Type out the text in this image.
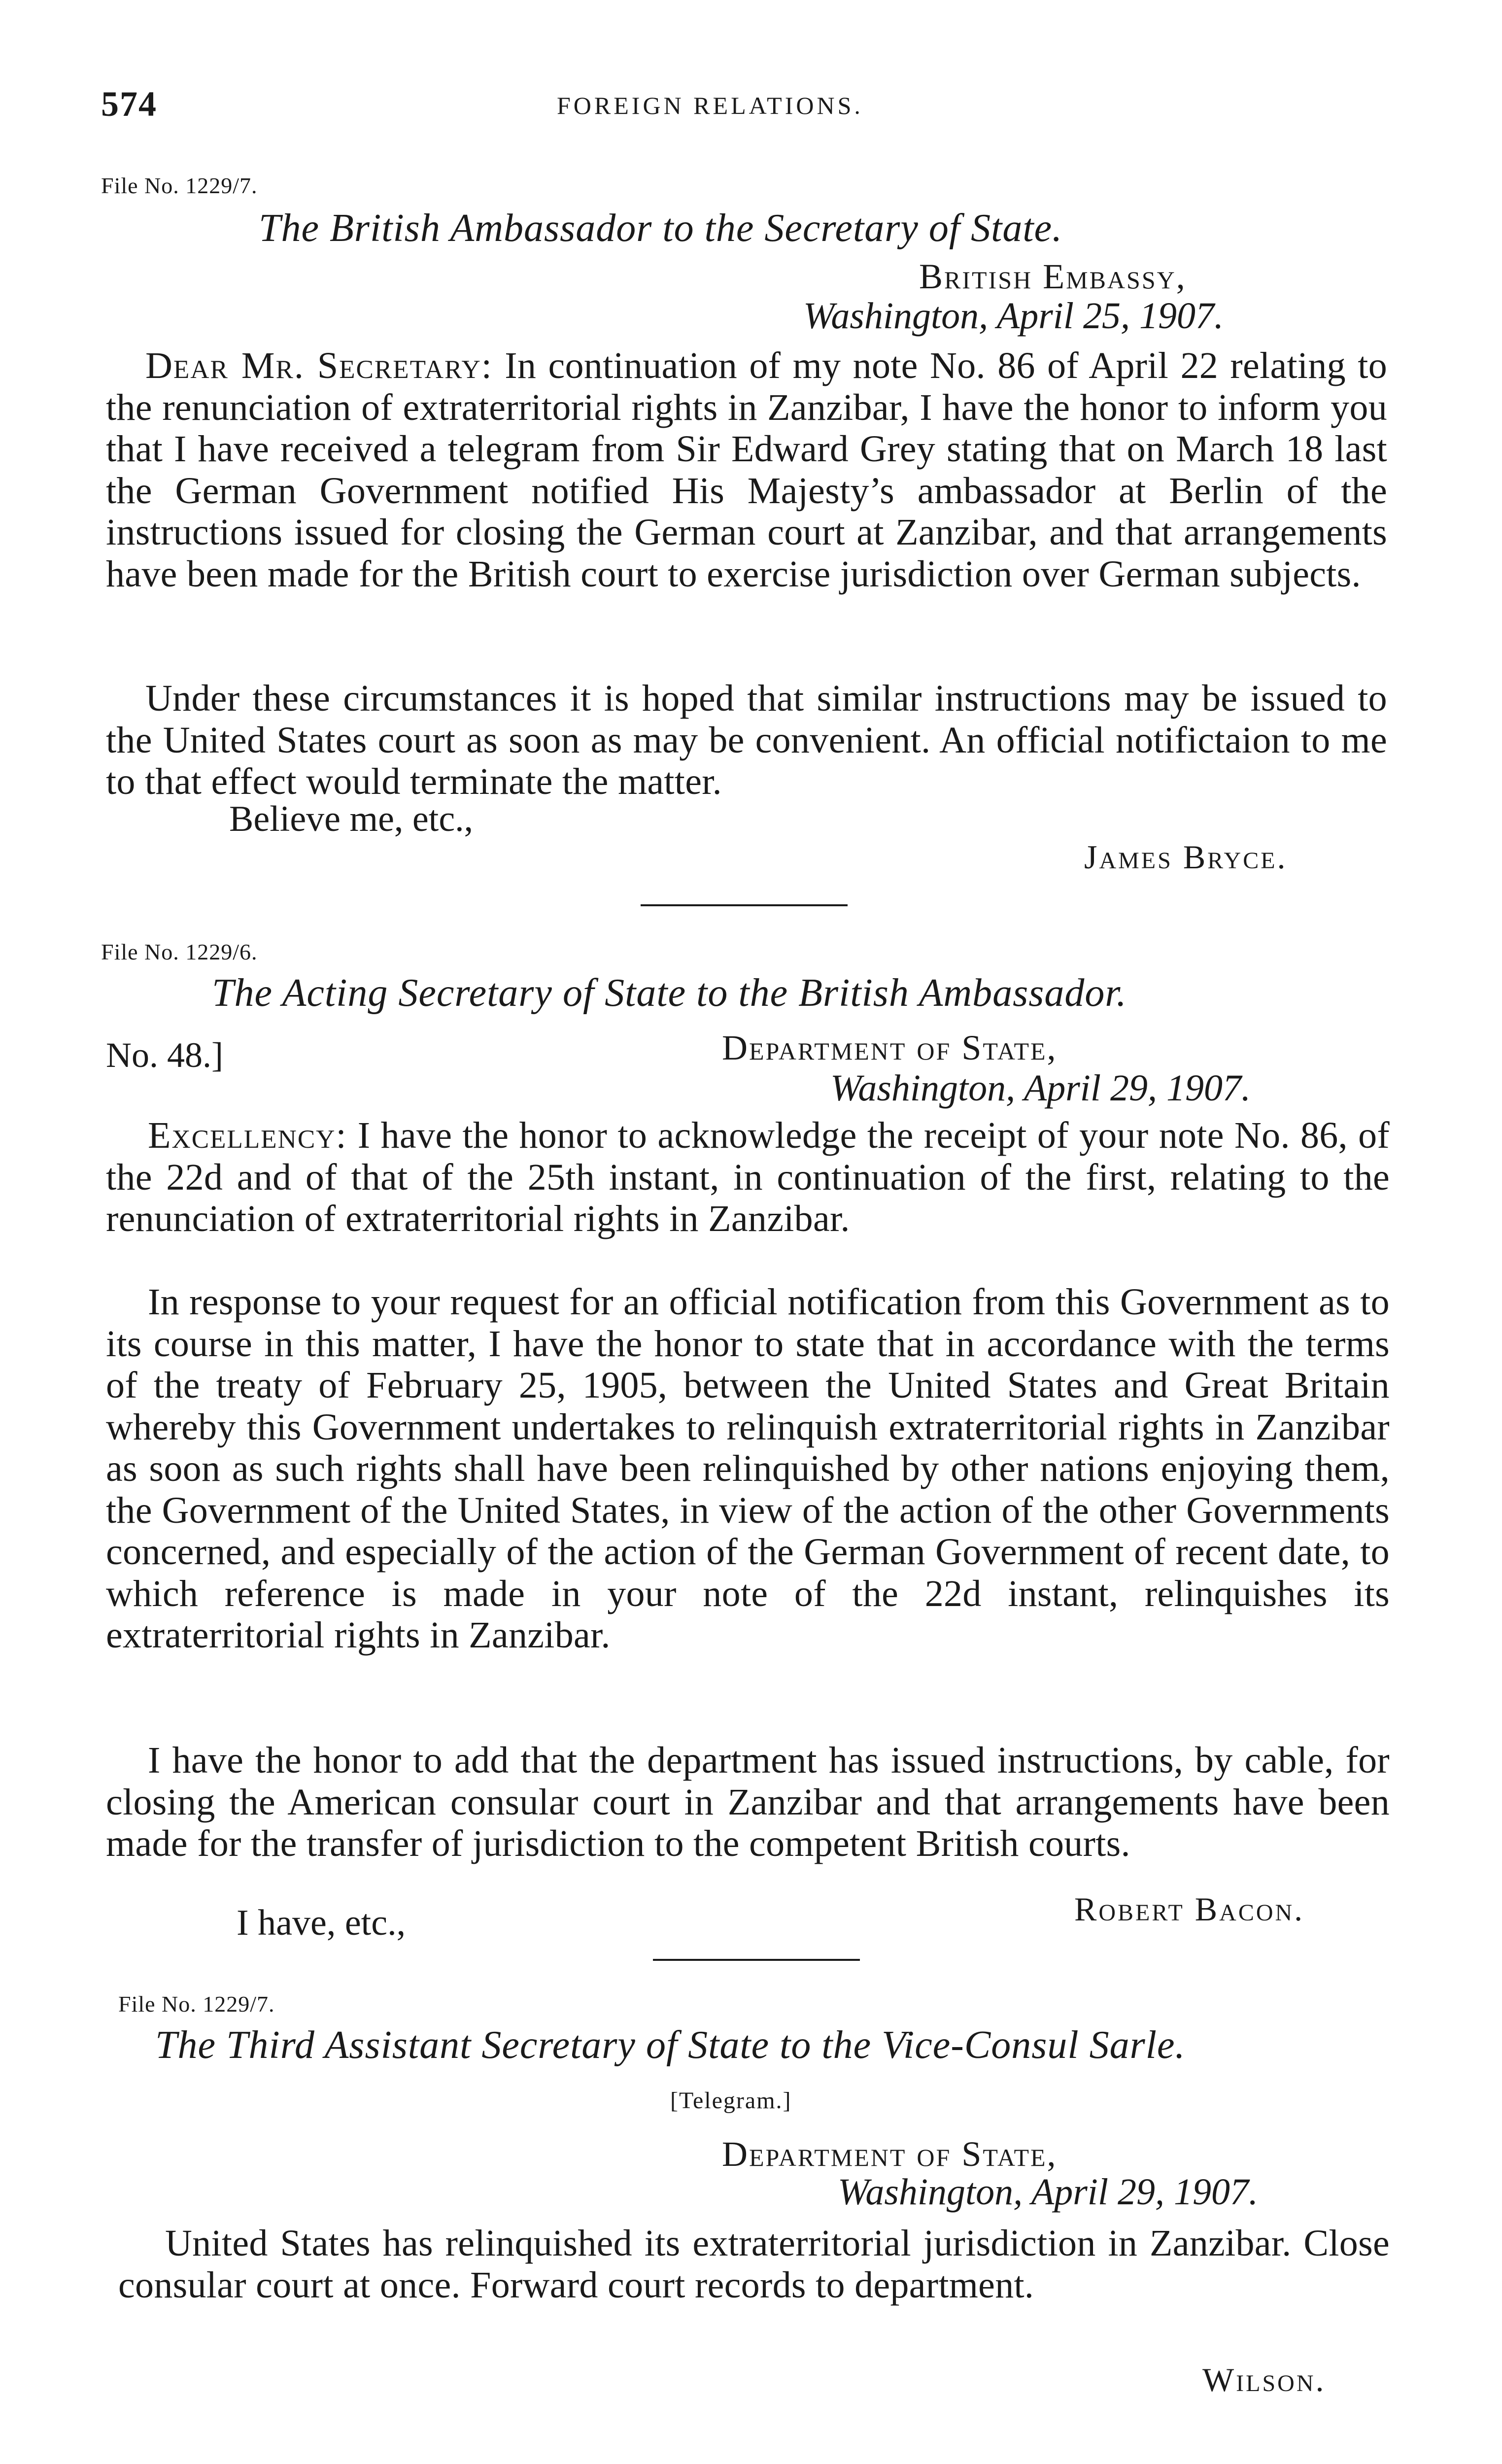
574	FOREIGN RELATIONS.
File No. 1229/7.
The British Ambassador to the Secretary of State.
British Embassy,
Washington, April 25, 1907.
Dear Mr. Secretary: In continuation of my note No. 86 of April 22 relating to the renunciation of extraterritorial rights in Zanzibar, I have the honor to inform you that I have received a telegram from Sir Edward Grey stating that on March 18 last the German Government notified His Majesty’s ambassador at Berlin of the instructions issued for closing the German court at Zanzibar, and that arrangements have been made for the British court to exercise jurisdiction over German subjects.
Under these circumstances it is hoped that similar instructions may be issued to the United States court as soon as may be convenient. An official notifictaion to me to that effect would terminate the matter.
Believe me, etc.,
James Bryce.
File No. 1229/6.
The Acting Secretary of State to the British Ambassador.
No. 48.]	Department of State,
Washington, April 29, 1907.
Excellency: I have the honor to acknowledge the receipt of your note No. 86, of the 22d and of that of the 25th instant, in continuation of the first, relating to the renunciation of extraterritorial rights in Zanzibar.
In response to your request for an official notification from this Government as to its course in this matter, I have the honor to state that in accordance with the terms of the treaty of February 25, 1905, between the United States and Great Britain whereby this Government undertakes to relinquish extraterritorial rights in Zanzibar as soon as such rights shall have been relinquished by other nations enjoying them, the Government of the United States, in view of the action of the other Governments concerned, and especially of the action of the German Government of recent date, to which reference is made in your note of the 22d instant, relinquishes its extraterritorial rights in Zanzibar.
I have the honor to add that the department has issued instructions, by cable, for closing the American consular court in Zanzibar and that arrangements have been made for the transfer of jurisdiction to the competent British courts.
I have, etc.,	Robert Bacon.
File No. 1229/7.
The Third Assistant Secretary of State to the Vice-Consul Sarle.
[Telegram.]
Department of State,
Washington, April 29, 1907.
United States has relinquished its extraterritorial jurisdiction in Zanzibar. Close consular court at once. Forward court records to department.
Wilson.
